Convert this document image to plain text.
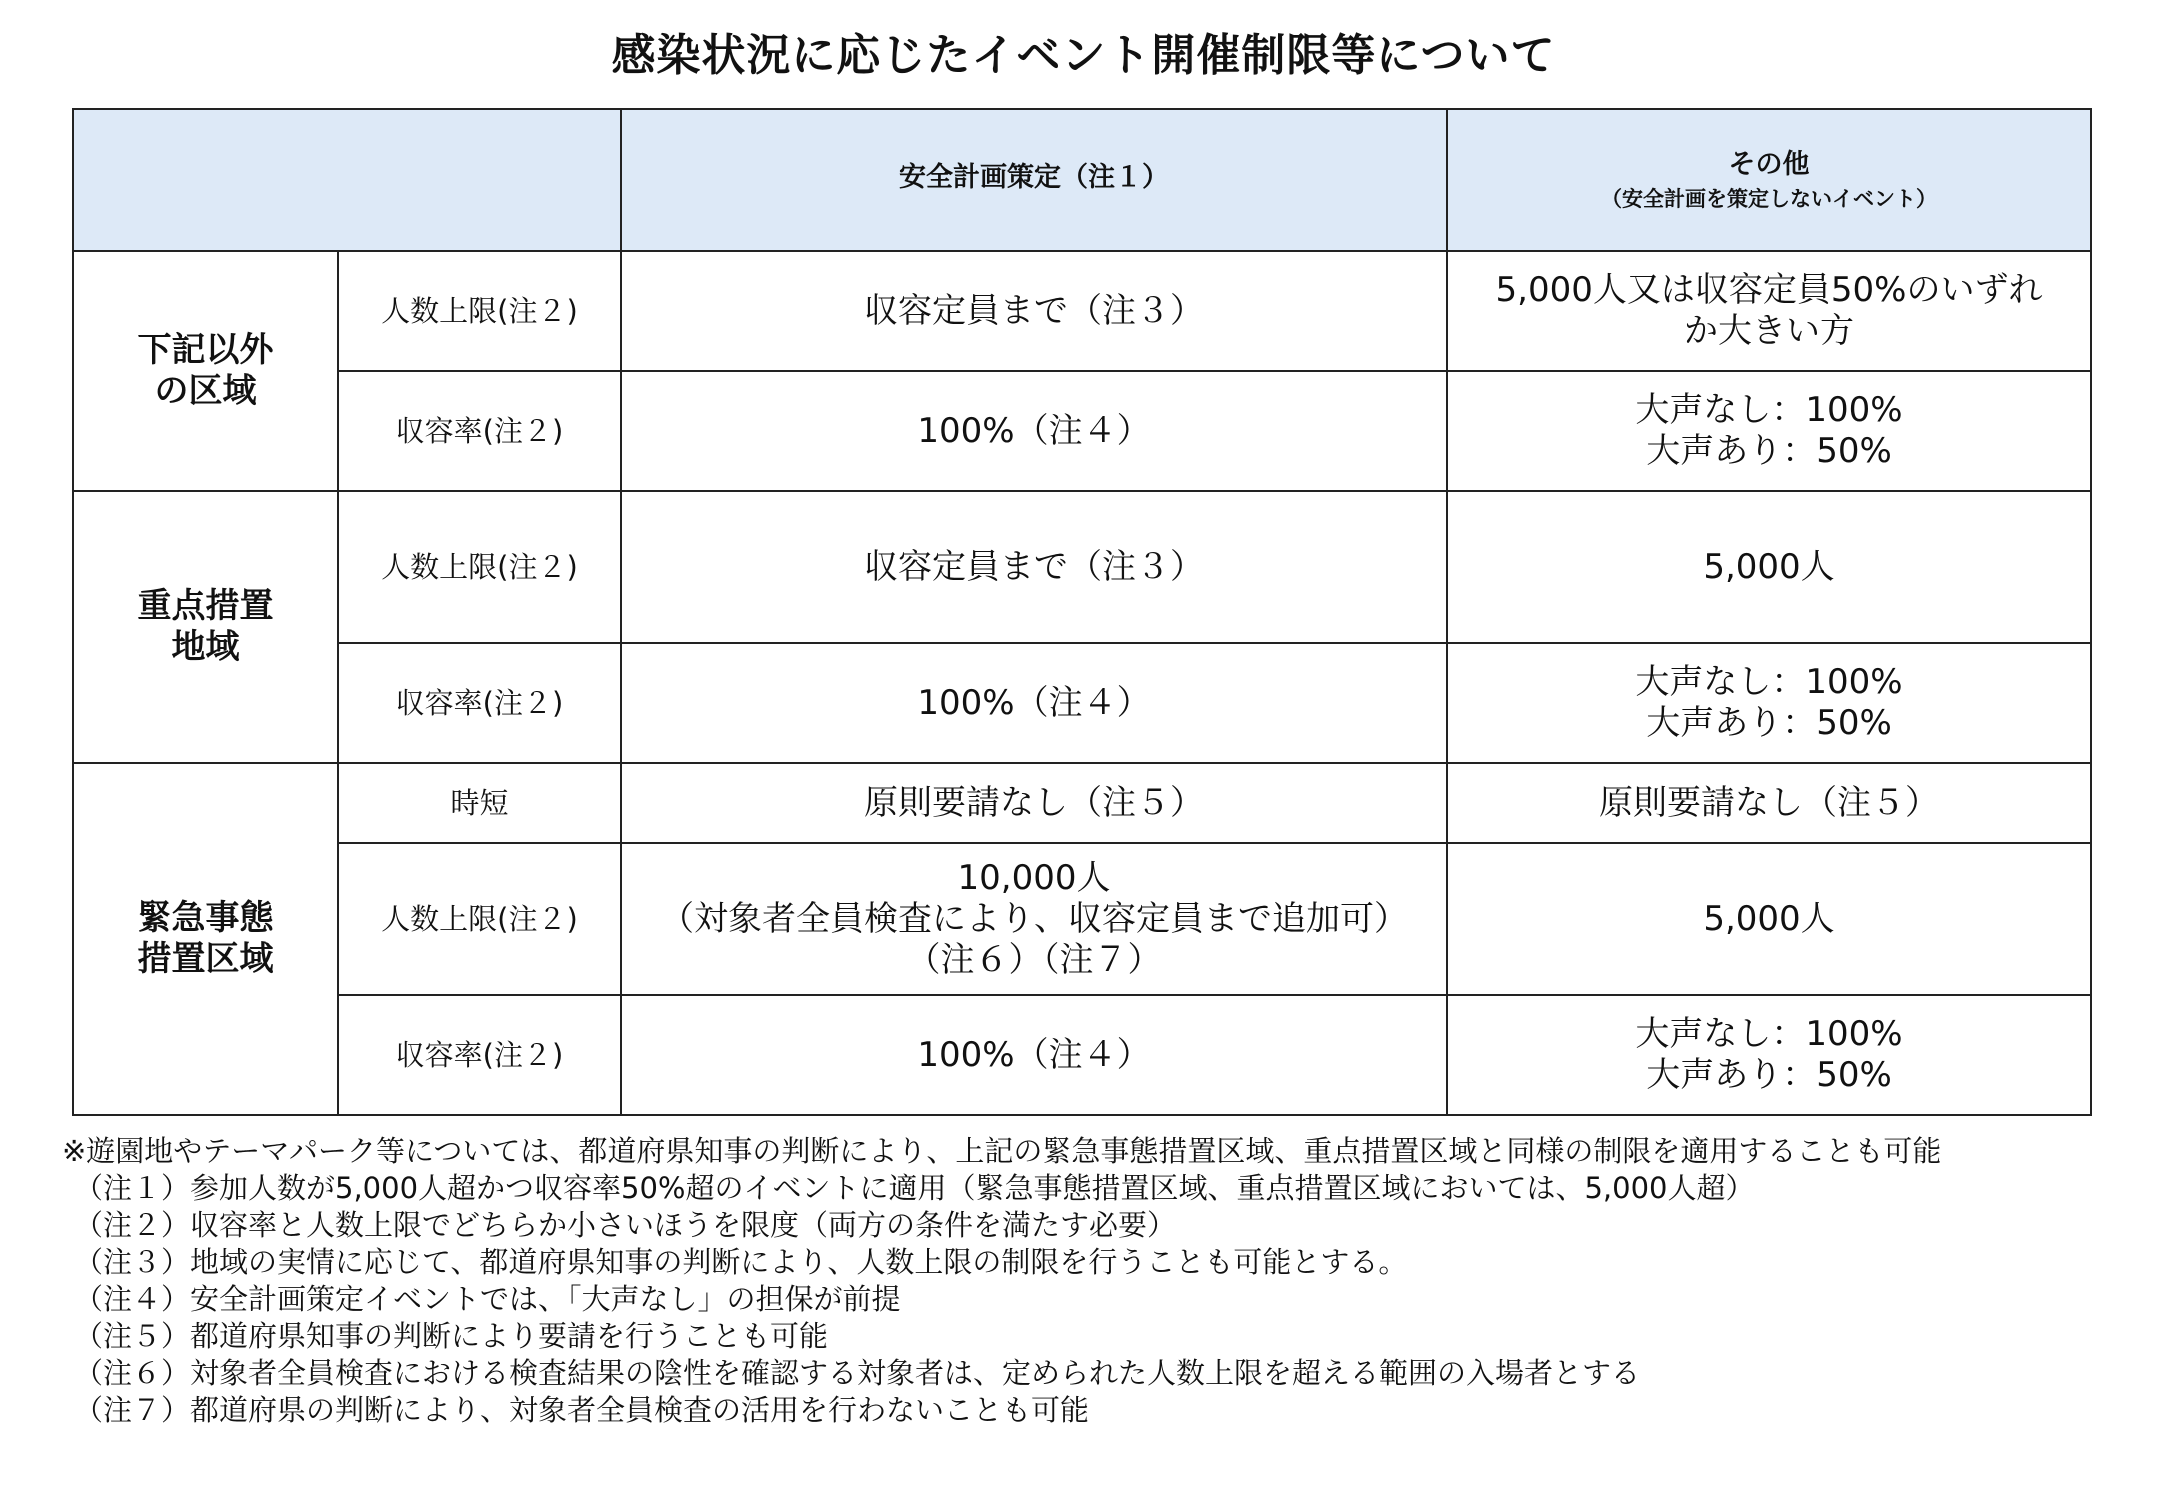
感染状況に応じたイベント開催制限等について
		安全計画策定（注１）	その他
（安全計画を策定しないイベント）

下記以外
の区域	人数上限(注２)	収容定員まで（注３）	5,000人又は収容定員50%のいずれ
か大きい方

	収容率(注２)	100%（注４）	大声なし：100%
大声あり：50%

重点措置
地域	人数上限(注２)	収容定員まで（注３）	5,000人

	収容率(注２)	100%（注４）	大声なし：100%
大声あり：50%

緊急事態
措置区域	時短	原則要請なし（注５）	原則要請なし（注５）

	人数上限(注２)	10,000人
（対象者全員検査により、収容定員まで追加可）
（注６）（注７）	5,000人

	収容率(注２)	100%（注４）	大声なし：100%
大声あり：50%
※遊園地やテーマパーク等については、都道府県知事の判断により、上記の緊急事態措置区域、重点措置区域と同様の制限を適用することも可能
（注１）参加人数が5,000人超かつ収容率50%超のイベントに適用（緊急事態措置区域、重点措置区域においては、5,000人超）
（注２）収容率と人数上限でどちらか小さいほうを限度（両方の条件を満たす必要）
（注３）地域の実情に応じて、都道府県知事の判断により、人数上限の制限を行うことも可能とする。
（注４）安全計画策定イベントでは、「大声なし」の担保が前提
（注５）都道府県知事の判断により要請を行うことも可能
（注６）対象者全員検査における検査結果の陰性を確認する対象者は、定められた人数上限を超える範囲の入場者とする
（注７）都道府県の判断により、対象者全員検査の活用を行わないことも可能
